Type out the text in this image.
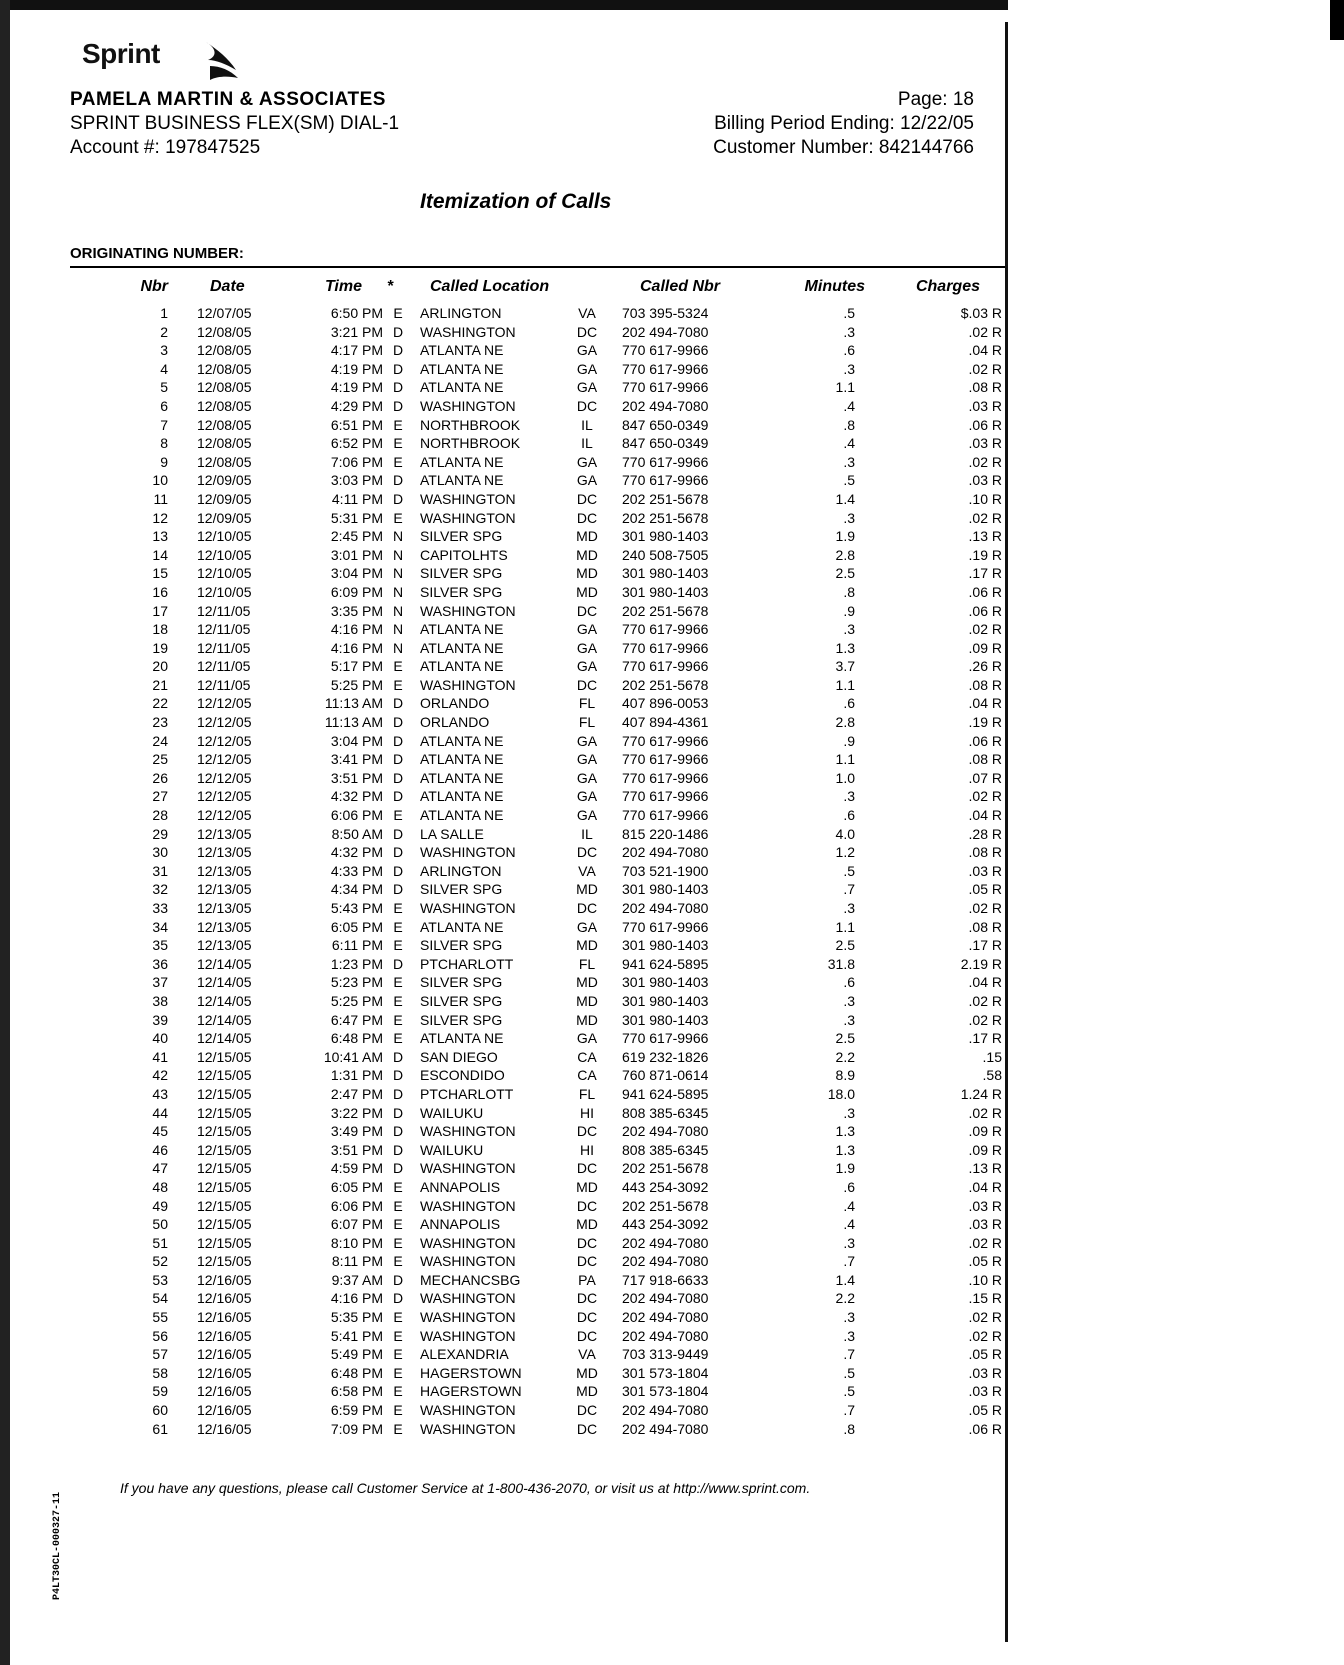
Sprint
PAMELA MARTIN & ASSOCIATES
SPRINT BUSINESS FLEX(SM) DIAL-1
Account #: 197847525
Page: 18
Billing Period Ending: 12/22/05
Customer Number: 842144766
Itemization of Calls
ORIGINATING NUMBER:
Nbr	Date	Time	*	Called Location	Called Nbr	Minutes	Charges
1 12/07/05	6:50 PM E	ARLINGTON	VA	703 395-5324	.5	$.03 R
2 12/08/05	3:21 PM D	WASHINGTON	DC	202 494-7080	.3	.02 R
3 12/08/05	4:17 PM D	ATLANTA NE	GA	770 617-9966	.6	.04 R
4 12/08/05	4:19 PM D	ATLANTA NE	GA	770 617-9966	.3	.02 R
5 12/08/05	4:19 PM D	ATLANTA NE	GA	770 617-9966	1.1	.08 R
6 12/08/05	4:29 PM D	WASHINGTON	DC	202 494-7080	.4	.03 R
7 12/08/05	6:51 PM E	NORTHBROOK	IL	847 650-0349	.8	.06 R
8 12/08/05	6:52 PM E	NORTHBROOK	IL	847 650-0349	.4	.03 R
9 12/08/05	7:06 PM E	ATLANTA NE	GA	770 617-9966	.3	.02 R
10 12/09/05	3:03 PM D	ATLANTA NE	GA	770 617-9966	.5	.03 R
11 12/09/05	4:11 PM D	WASHINGTON	DC	202 251-5678	1.4	.10 R
12 12/09/05	5:31 PM E	WASHINGTON	DC	202 251-5678	.3	.02 R
13 12/10/05	2:45 PM N	SILVER SPG	MD	301 980-1403	1.9	.13 R
14 12/10/05	3:01 PM N	CAPITOLHTS	MD	240 508-7505	2.8	.19 R
15 12/10/05	3:04 PM N	SILVER SPG	MD	301 980-1403	2.5	.17 R
16 12/10/05	6:09 PM N	SILVER SPG	MD	301 980-1403	.8	.06 R
17 12/11/05	3:35 PM N	WASHINGTON	DC	202 251-5678	.9	.06 R
18 12/11/05	4:16 PM N	ATLANTA NE	GA	770 617-9966	.3	.02 R
19 12/11/05	4:16 PM N	ATLANTA NE	GA	770 617-9966	1.3	.09 R
20 12/11/05	5:17 PM E	ATLANTA NE	GA	770 617-9966	3.7	.26 R
21 12/11/05	5:25 PM E	WASHINGTON	DC	202 251-5678	1.1	.08 R
22 12/12/05	11:13 AM D	ORLANDO	FL	407 896-0053	.6	.04 R
23 12/12/05	11:13 AM D	ORLANDO	FL	407 894-4361	2.8	.19 R
24 12/12/05	3:04 PM D	ATLANTA NE	GA	770 617-9966	.9	.06 R
25 12/12/05	3:41 PM D	ATLANTA NE	GA	770 617-9966	1.1	.08 R
26 12/12/05	3:51 PM D	ATLANTA NE	GA	770 617-9966	1.0	.07 R
27 12/12/05	4:32 PM D	ATLANTA NE	GA	770 617-9966	.3	.02 R
28 12/12/05	6:06 PM E	ATLANTA NE	GA	770 617-9966	.6	.04 R
29 12/13/05	8:50 AM D	LA SALLE	IL	815 220-1486	4.0	.28 R
30 12/13/05	4:32 PM D	WASHINGTON	DC	202 494-7080	1.2	.08 R
31 12/13/05	4:33 PM D	ARLINGTON	VA	703 521-1900	.5	.03 R
32 12/13/05	4:34 PM D	SILVER SPG	MD	301 980-1403	.7	.05 R
33 12/13/05	5:43 PM E	WASHINGTON	DC	202 494-7080	.3	.02 R
34 12/13/05	6:05 PM E	ATLANTA NE	GA	770 617-9966	1.1	.08 R
35 12/13/05	6:11 PM E	SILVER SPG	MD	301 980-1403	2.5	.17 R
36 12/14/05	1:23 PM D	PTCHARLOTT	FL	941 624-5895	31.8	2.19 R
37 12/14/05	5:23 PM E	SILVER SPG	MD	301 980-1403	.6	.04 R
38 12/14/05	5:25 PM E	SILVER SPG	MD	301 980-1403	.3	.02 R
39 12/14/05	6:47 PM E	SILVER SPG	MD	301 980-1403	.3	.02 R
40 12/14/05	6:48 PM E	ATLANTA NE	GA	770 617-9966	2.5	.17 R
41 12/15/05	10:41 AM D	SAN DIEGO	CA	619 232-1826	2.2	.15
42 12/15/05	1:31 PM D	ESCONDIDO	CA	760 871-0614	8.9	.58
43 12/15/05	2:47 PM D	PTCHARLOTT	FL	941 624-5895	18.0	1.24 R
44 12/15/05	3:22 PM D	WAILUKU	HI	808 385-6345	.3	.02 R
45 12/15/05	3:49 PM D	WASHINGTON	DC	202 494-7080	1.3	.09 R
46 12/15/05	3:51 PM D	WAILUKU	HI	808 385-6345	1.3	.09 R
47 12/15/05	4:59 PM D	WASHINGTON	DC	202 251-5678	1.9	.13 R
48 12/15/05	6:05 PM E	ANNAPOLIS	MD	443 254-3092	.6	.04 R
49 12/15/05	6:06 PM E	WASHINGTON	DC	202 251-5678	.4	.03 R
50 12/15/05	6:07 PM E	ANNAPOLIS	MD	443 254-3092	.4	.03 R
51 12/15/05	8:10 PM E	WASHINGTON	DC	202 494-7080	.3	.02 R
52 12/15/05	8:11 PM E	WASHINGTON	DC	202 494-7080	.7	.05 R
53 12/16/05	9:37 AM D	MECHANCSBG	PA	717 918-6633	1.4	.10 R
54 12/16/05	4:16 PM D	WASHINGTON	DC	202 494-7080	2.2	.15 R
55 12/16/05	5:35 PM E	WASHINGTON	DC	202 494-7080	.3	.02 R
56 12/16/05	5:41 PM E	WASHINGTON	DC	202 494-7080	.3	.02 R
57 12/16/05	5:49 PM E	ALEXANDRIA	VA	703 313-9449	.7	.05 R
58 12/16/05	6:48 PM E	HAGERSTOWN	MD	301 573-1804	.5	.03 R
59 12/16/05	6:58 PM E	HAGERSTOWN	MD	301 573-1804	.5	.03 R
60 12/16/05	6:59 PM E	WASHINGTON	DC	202 494-7080	.7	.05 R
61 12/16/05	7:09 PM E	WASHINGTON	DC	202 494-7080	.8	.06 R
If you have any questions, please call Customer Service at 1-800-436-2070, or visit us at http://www.sprint.com.
P4LT30CL-000327-11
